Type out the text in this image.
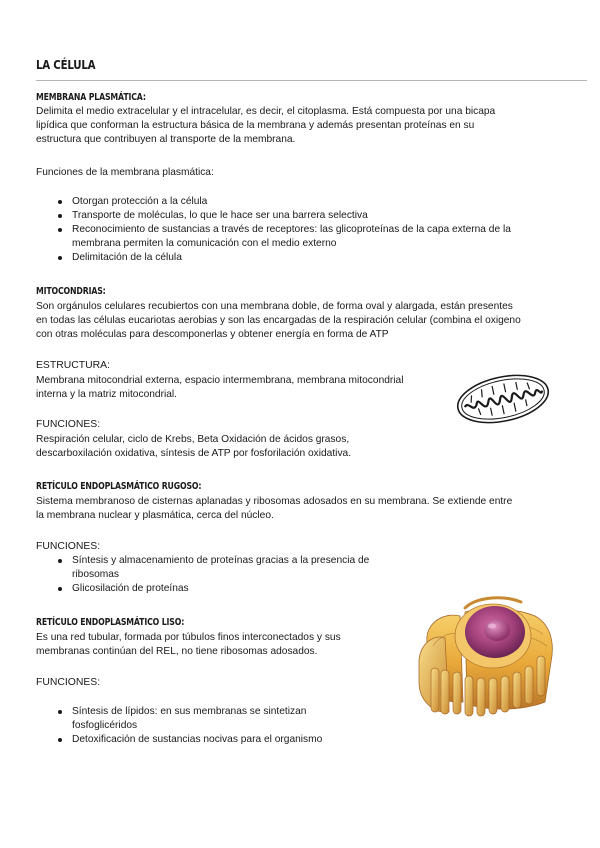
LA CÉLULA
MEMBRANA PLASMÁTICA:
Delimita el medio extracelular y el intracelular, es decir, el citoplasma. Está compuesta por una bicapa
lipídica que conforman la estructura básica de la membrana y además presentan proteínas en su
estructura que contribuyen al transporte de la membrana.
Funciones de la membrana plasmática:
Otorgan protección a la célula
Transporte de moléculas, lo que le hace ser una barrera selectiva
Reconocimiento de sustancias a través de receptores: las glicoproteínas de la capa externa de la
membrana permiten la comunicación con el medio externo
Delimitación de la célula
MITOCONDRIAS:
Son orgánulos celulares recubiertos con una membrana doble, de forma oval y alargada, están presentes
en todas las células eucariotas aerobias y son las encargadas de la respiración celular (combina el oxigeno
con otras moléculas para descomponerlas y obtener energía en forma de ATP
ESTRUCTURA:
Membrana mitocondrial externa, espacio intermembrana, membrana mitocondrial
interna y la matriz mitocondrial.
FUNCIONES:
Respiración celular, ciclo de Krebs, Beta Oxidación de ácidos grasos,
descarboxilación oxidativa, síntesis de ATP por fosforilación oxidativa.
RETÍCULO ENDOPLASMÁTICO RUGOSO:
Sistema membranoso de cisternas aplanadas y ribosomas adosados en su membrana. Se extiende entre
la membrana nuclear y plasmática, cerca del núcleo.
FUNCIONES:
Síntesis y almacenamiento de proteínas gracias a la presencia de
ribosomas
Glicosilación de proteínas
RETÍCULO ENDOPLASMÁTICO LISO:
Es una red tubular, formada por túbulos finos interconectados y sus
membranas continúan del REL, no tiene ribosomas adosados.
FUNCIONES:
Síntesis de lípidos: en sus membranas se sintetizan
fosfoglicéridos
Detoxificación de sustancias nocivas para el organismo
